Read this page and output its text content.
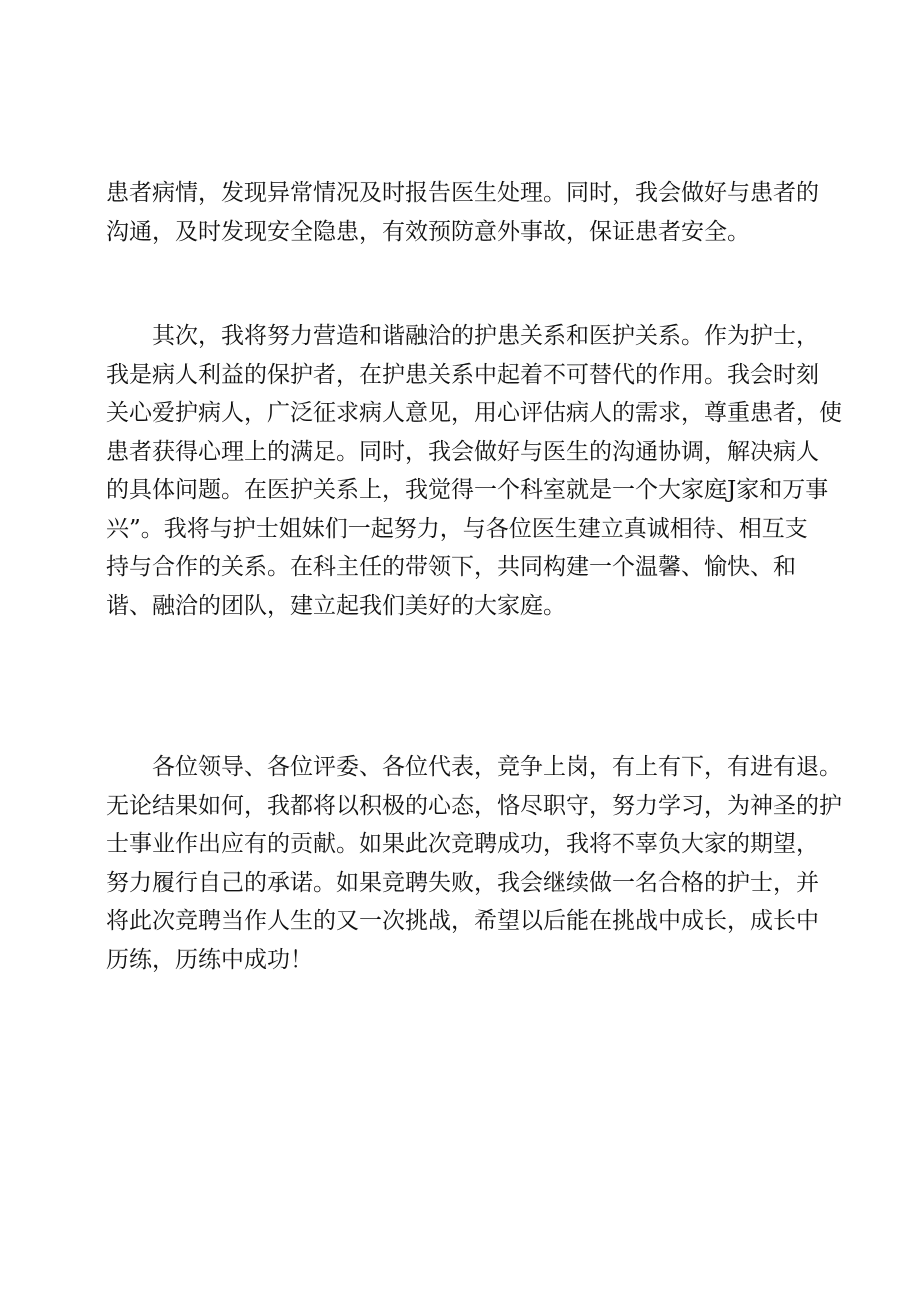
患者病情，发现异常情况及时报告医生处理。同时，我会做好与患者的
沟通，及时发现安全隐患，有效预防意外事故，保证患者安全。

　　其次，我将努力营造和谐融洽的护患关系和医护关系。作为护士，
我是病人利益的保护者，在护患关系中起着不可替代的作用。我会时刻
关心爱护病人，广泛征求病人意见，用心评估病人的需求，尊重患者，使
患者获得心理上的满足。同时，我会做好与医生的沟通协调，解决病人
的具体问题。在医护关系上，我觉得一个科室就是一个大家庭J家和万事
兴”。我将与护士姐妹们一起努力，与各位医生建立真诚相待、相互支
持与合作的关系。在科主任的带领下，共同构建一个温馨、愉快、和
谐、融洽的团队，建立起我们美好的大家庭。

　　各位领导、各位评委、各位代表，竞争上岗，有上有下，有进有退。
无论结果如何，我都将以积极的心态，恪尽职守，努力学习，为神圣的护
士事业作出应有的贡献。如果此次竞聘成功，我将不辜负大家的期望，
努力履行自己的承诺。如果竞聘失败，我会继续做一名合格的护士，并
将此次竞聘当作人生的又一次挑战，希望以后能在挑战中成长，成长中
历练，历练中成功！
